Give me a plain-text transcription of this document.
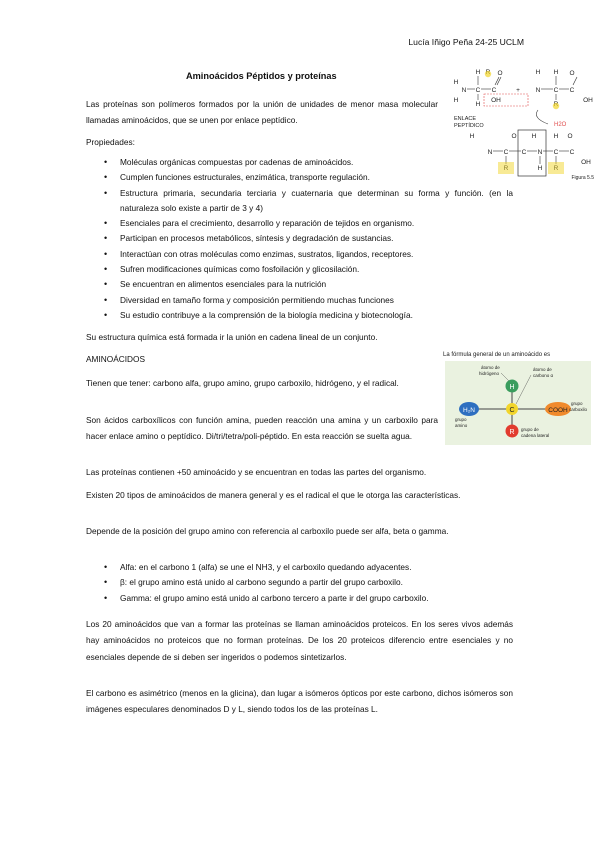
Lucía Iñigo Peña 24-25 UCLM
Aminoácidos Péptidos y proteínas
Las proteínas son polímeros formados por la unión de unidades de menor masa molecular llamadas aminoácidos, que se unen por enlace peptídico.
Propiedades:
• Moléculas orgánicas compuestas por cadenas de aminoácidos.
• Cumplen funciones estructurales, enzimática, transporte regulación.
• Estructura primaria, secundaria terciaria y cuaternaria que determinan su forma y función. (en la naturaleza solo existe a partir de 3 y 4)
• Esenciales para el crecimiento, desarrollo y reparación de tejidos en organismo.
• Participan en procesos metabólicos, síntesis y degradación de sustancias.
• Interactúan con otras moléculas como enzimas, sustratos, ligandos, receptores.
• Sufren modificaciones químicas como fosfoilación y glicosilación.
• Se encuentran en alimentos esenciales para la nutrición
• Diversidad en tamaño forma y composición permitiendo muchas funciones
• Su estudio contribuye a la comprensión de la biología medicina y biotecnología.
Su estructura química está formada ir la unión en cadena lineal de un conjunto.
AMINOÁCIDOS
Tienen que tener: carbono alfa, grupo amino, grupo carboxilo, hidrógeno, y el radical.
Son ácidos carboxílicos con función amina, pueden reacción una amina y un carboxilo para hacer enlace amino o peptídico. Di/tri/tetra/poli-péptido. En esta reacción se suelta agua.
Las proteínas contienen +50 aminoácido y se encuentran en todas las partes del organismo.
Existen 20 tipos de aminoácidos de manera general y es el radical el que le otorga las características.
Depende de la posición del grupo amino con referencia al carboxilo puede ser alfa, beta o gamma.
• Alfa: en el carbono 1 (alfa) se une el NH3, y el carboxilo quedando adyacentes.
• β: el grupo amino está unido al carbono segundo a partir del grupo carboxilo.
• Gamma: el grupo amino está unido al carbono tercero a parte ir del grupo carboxilo.
Los 20 aminoácidos que van a formar las proteínas se llaman aminoácidos proteicos. En los seres vivos además hay aminoácidos no proteicos que no forman proteínas. De los 20 proteicos diferencio entre esenciales y no esenciales depende de si deben ser ingeridos o podemos sintetizarlos.
El carbono es asimétrico (menos en la glicina), dan lugar a isómeros ópticos por este carbono, dichos isómeros son imágenes especulares denominados D y L, siendo todos los de las proteínas L.
H	O
N C C
H
H
H
OH
+
H H O
N C C
OH
ENLACE
PEPTÍDICO	H2O
H	O H	H O
N C C N C C
H
OH
Figura 5.5
La fórmula general de un aminoácido es
H
C
R
H₂N	COOH
átomo de
hidrógeno
átomo de
carbono α
grupo
amino
grupo
carboxilo
grupo de
cadena lateral
